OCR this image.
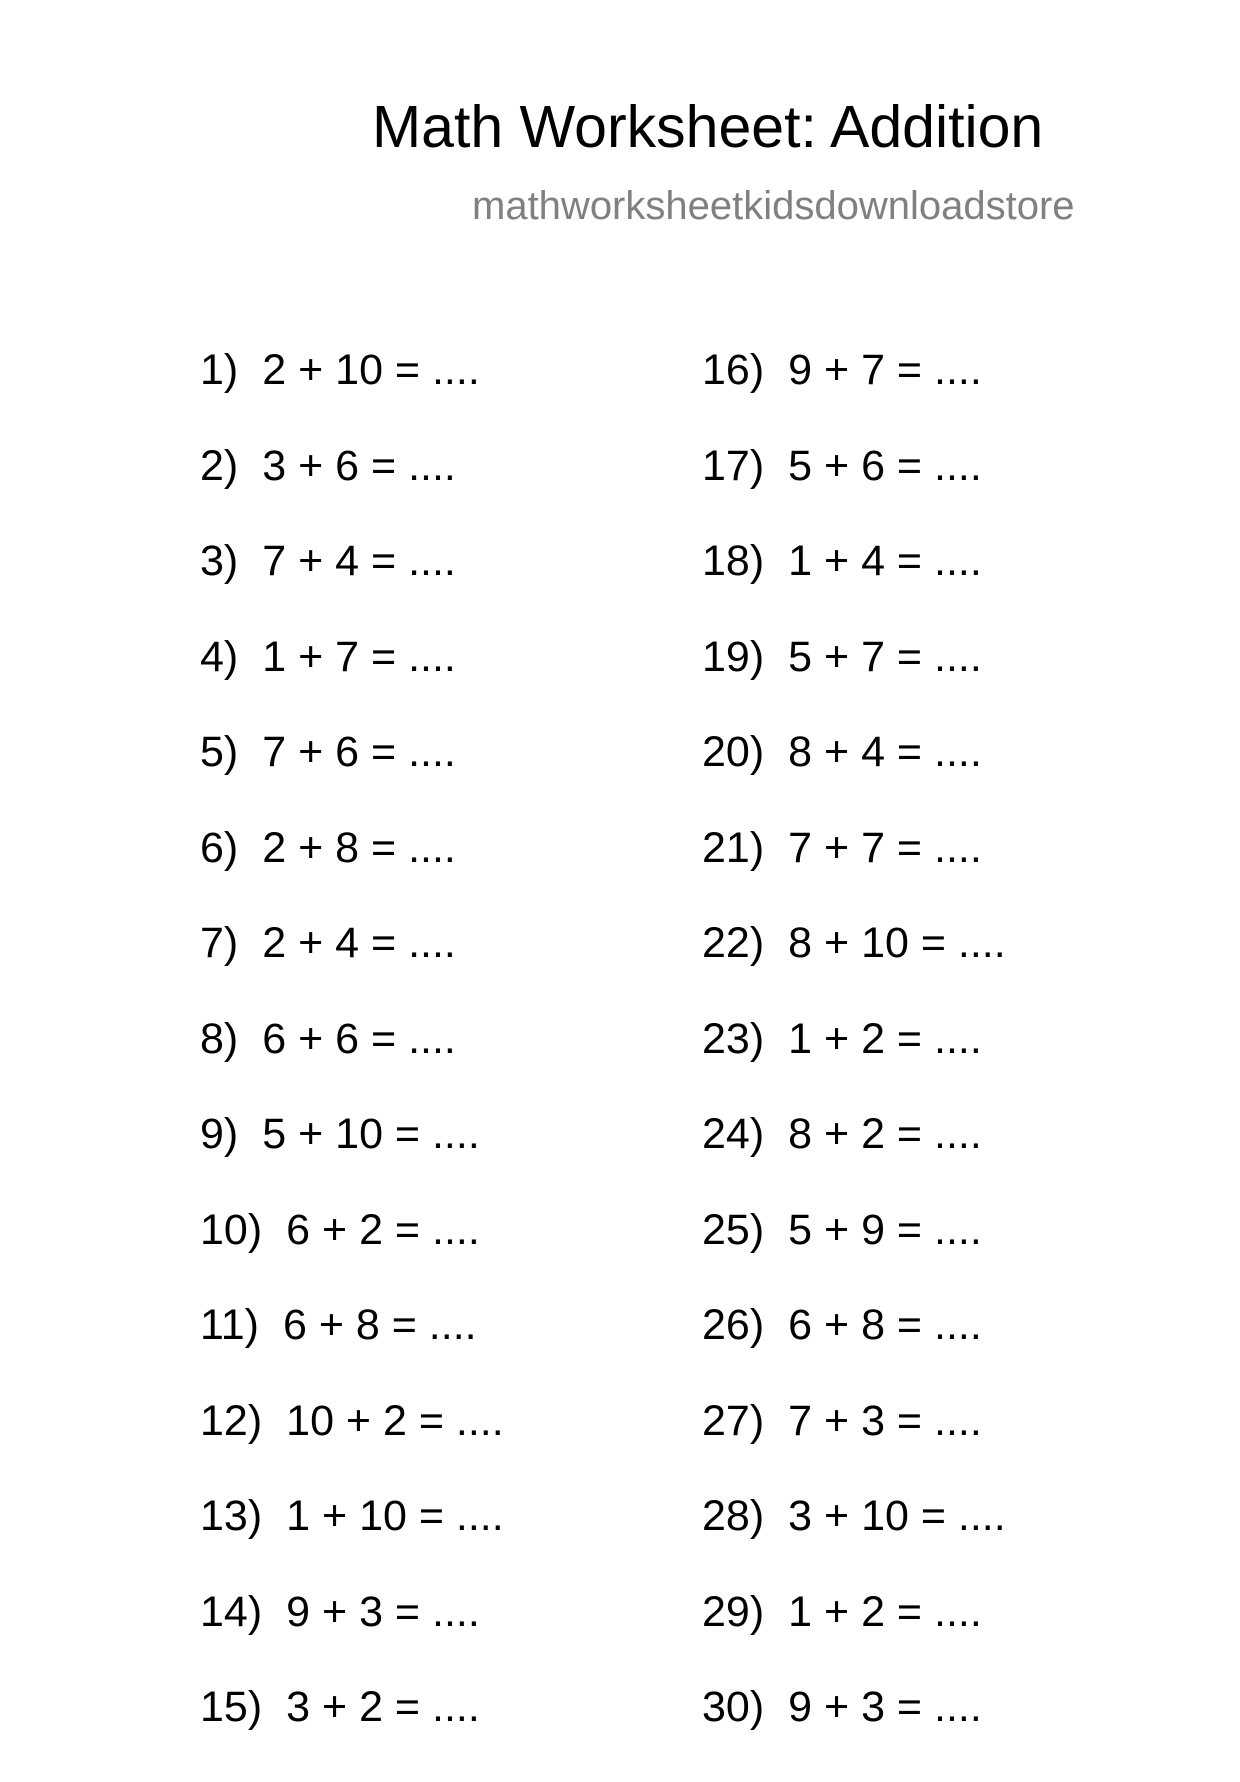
Math Worksheet: Addition
mathworksheetkidsdownloadstore
1) 2 + 10 = ....
2) 3 + 6 = ....
3) 7 + 4 = ....
4) 1 + 7 = ....
5) 7 + 6 = ....
6) 2 + 8 = ....
7) 2 + 4 = ....
8) 6 + 6 = ....
9) 5 + 10 = ....
10) 6 + 2 = ....
11) 6 + 8 = ....
12) 10 + 2 = ....
13) 1 + 10 = ....
14) 9 + 3 = ....
15) 3 + 2 = ....
16) 9 + 7 = ....
17) 5 + 6 = ....
18) 1 + 4 = ....
19) 5 + 7 = ....
20) 8 + 4 = ....
21) 7 + 7 = ....
22) 8 + 10 = ....
23) 1 + 2 = ....
24) 8 + 2 = ....
25) 5 + 9 = ....
26) 6 + 8 = ....
27) 7 + 3 = ....
28) 3 + 10 = ....
29) 1 + 2 = ....
30) 9 + 3 = ....
